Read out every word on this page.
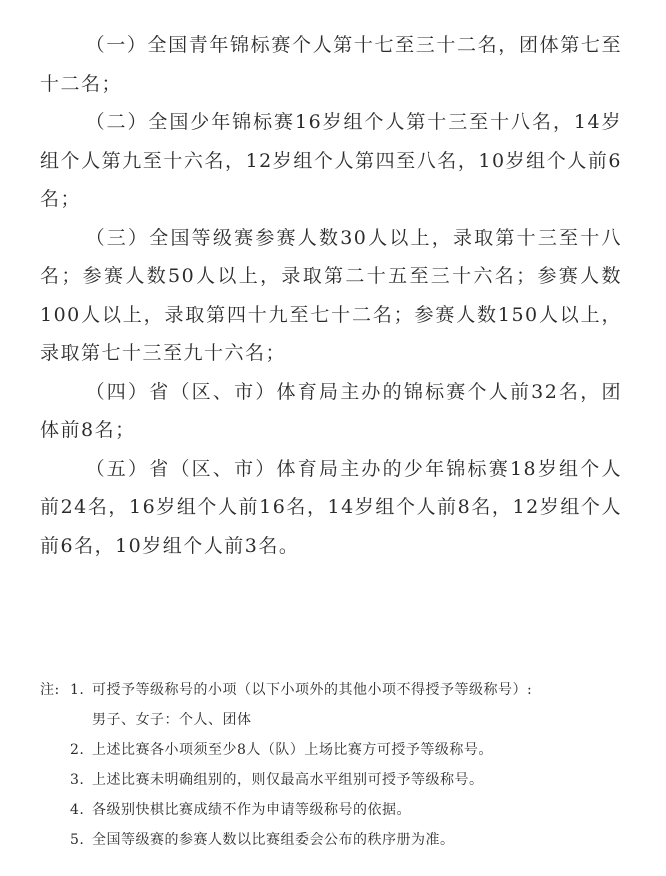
（一）全国青年锦标赛个人第十七至三十二名，团体第七至十二名；

（二）全国少年锦标赛16岁组个人第十三至十八名，14岁组个人第九至十六名，12岁组个人第四至八名，10岁组个人前6名；

（三）全国等级赛参赛人数30人以上，录取第十三至十八名；参赛人数50人以上，录取第二十五至三十六名；参赛人数100人以上，录取第四十九至七十二名；参赛人数150人以上，录取第七十三至九十六名；

（四）省（区、市）体育局主办的锦标赛个人前32名，团体前8名；

（五）省（区、市）体育局主办的少年锦标赛18岁组个人前24名，16岁组个人前16名，14岁组个人前8名，12岁组个人前6名，10岁组个人前3名。

注: 1. 可授予等级称号的小项（以下小项外的其他小项不得授予等级称号）:
男子、女子：个人、团体
2. 上述比赛各小项须至少8人（队）上场比赛方可授予等级称号。
3. 上述比赛未明确组别的，则仅最高水平组别可授予等级称号。
4. 各级别快棋比赛成绩不作为申请等级称号的依据。
5. 全国等级赛的参赛人数以比赛组委会公布的秩序册为准。
